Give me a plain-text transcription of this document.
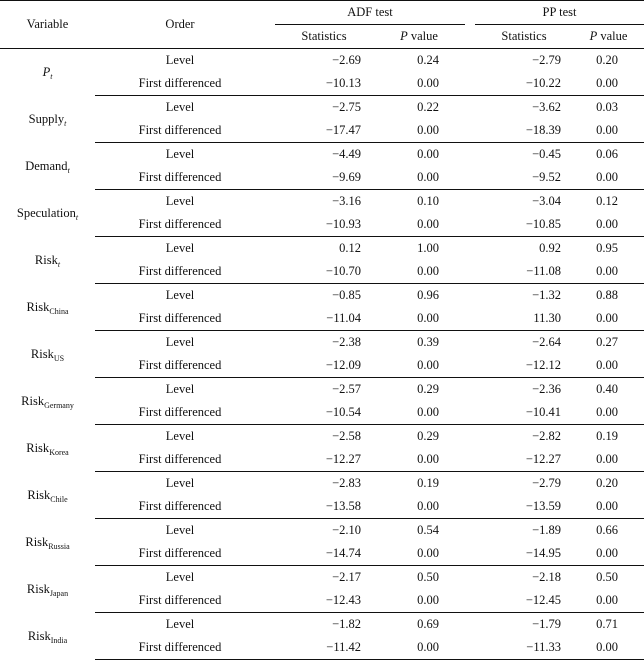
Variable	Order		ADF test			PP test	
			Statistics	P value		Statistics	P value
$P_t$	Level		−2.69	0.24		−2.79	0.20
	First differenced		−10.13	0.00		−10.22	0.00
Supply$_t$	Level		−2.75	0.22		−3.62	0.03
	First differenced		−17.47	0.00		−18.39	0.00
Demand$_t$	Level		−4.49	0.00		−0.45	0.06
	First differenced		−9.69	0.00		−9.52	0.00
Speculation$_t$	Level		−3.16	0.10		−3.04	0.12
	First differenced		−10.93	0.00		−10.85	0.00
Risk$_t$	Level		0.12	1.00		0.92	0.95
	First differenced		−10.70	0.00		−11.08	0.00
Risk$_{China}$	Level		−0.85	0.96		−1.32	0.88
	First differenced		−11.04	0.00		11.30	0.00
Risk$_{US}$	Level		−2.38	0.39		−2.64	0.27
	First differenced		−12.09	0.00		−12.12	0.00
Risk$_{Germany}$	Level		−2.57	0.29		−2.36	0.40
	First differenced		−10.54	0.00		−10.41	0.00
Risk$_{Korea}$	Level		−2.58	0.29		−2.82	0.19
	First differenced		−12.27	0.00		−12.27	0.00
Risk$_{Chile}$	Level		−2.83	0.19		−2.79	0.20
	First differenced		−13.58	0.00		−13.59	0.00
Risk$_{Russia}$	Level		−2.10	0.54		−1.89	0.66
	First differenced		−14.74	0.00		−14.95	0.00
Risk$_{Japan}$	Level		−2.17	0.50		−2.18	0.50
	First differenced		−12.43	0.00		−12.45	0.00
Risk$_{India}$	Level		−1.82	0.69		−1.79	0.71
	First differenced		−11.42	0.00		−11.33	0.00
